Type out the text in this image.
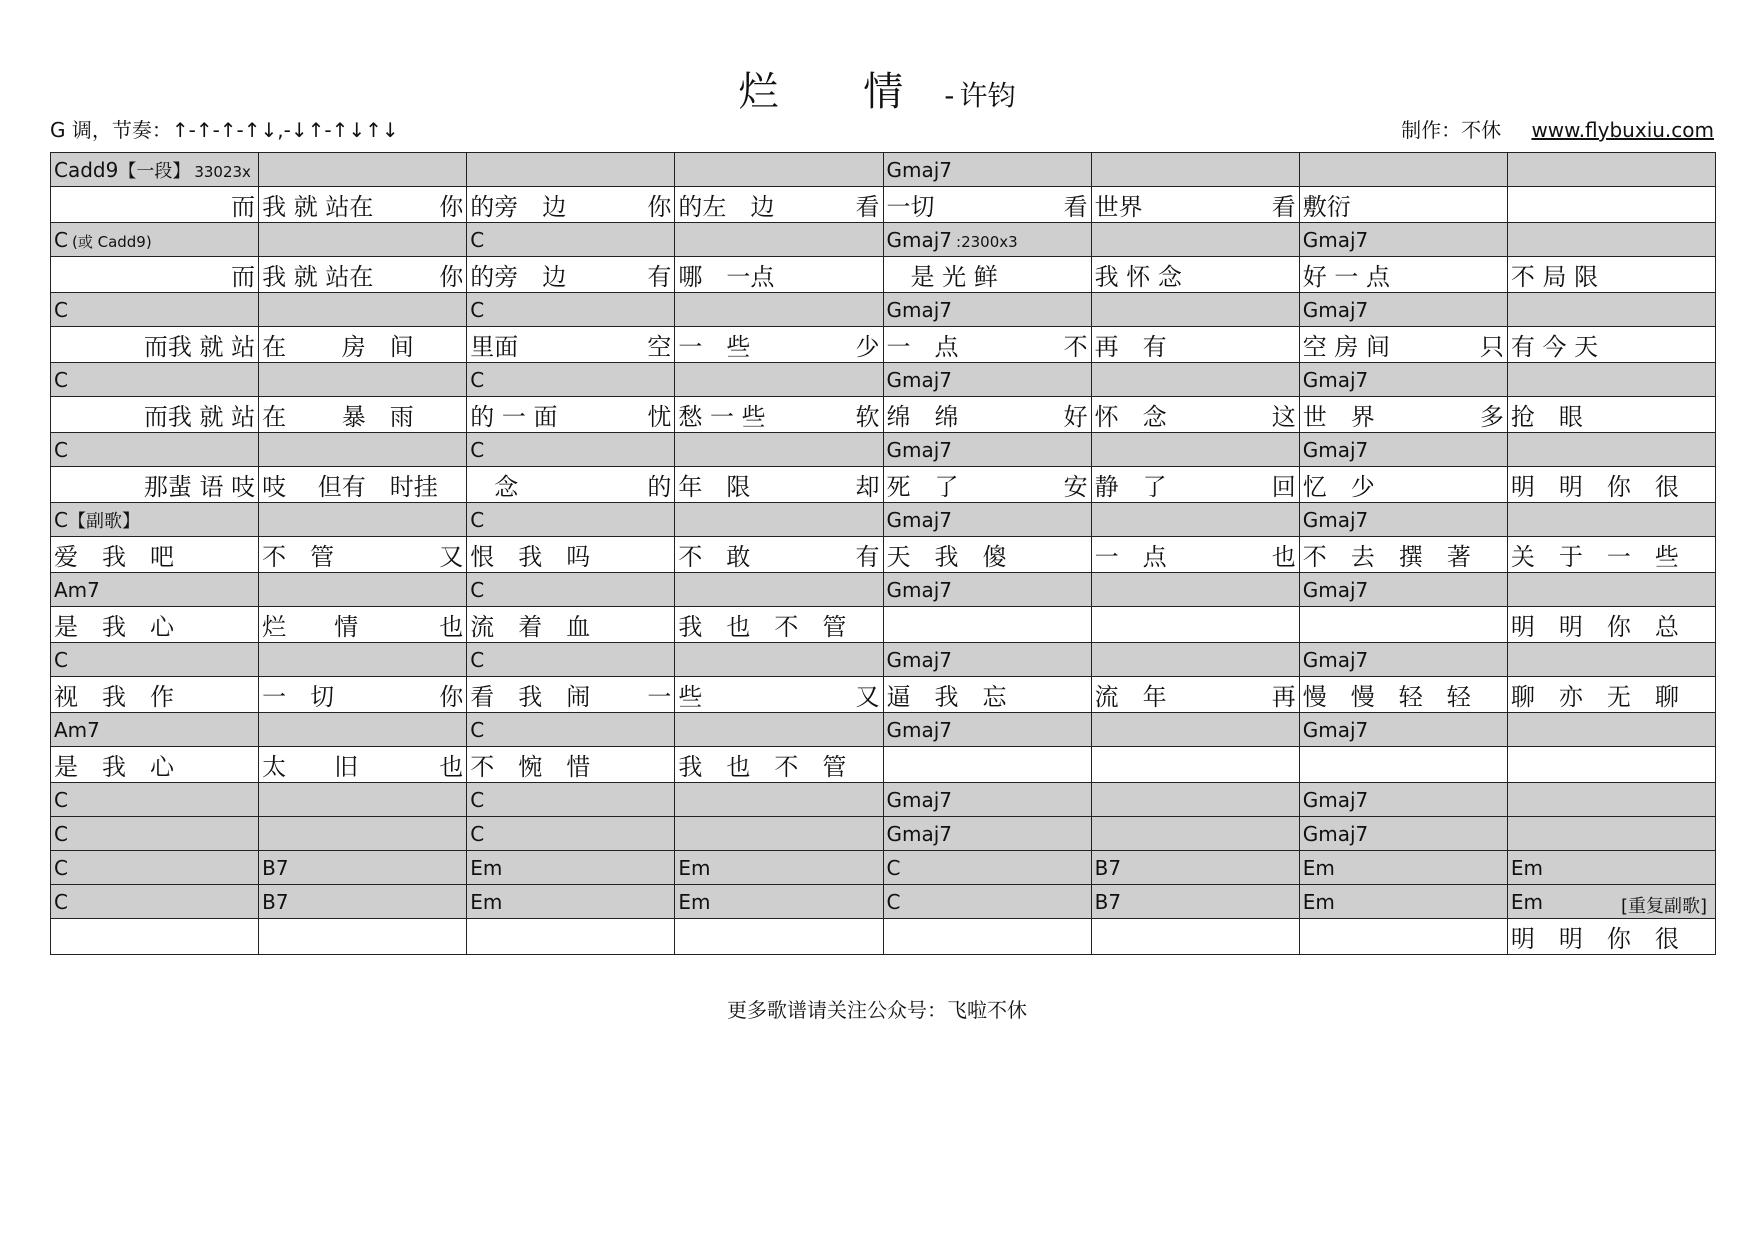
烂 情 - 许钧
G 调，节奏：↑-↑-↑-↑↓,-↓↑-↑↓↑↓	制作：不休 www.flybuxiu.com
Cadd9【一段】 33023x				Gmaj7			

而	我 就 站在 你	的旁　边 你	的左　边 看	一切 看	世界 看	敷衍	

C (或 Cadd9)		C		Gmaj7 :2300x3		Gmaj7	

而	我 就 站在 你	的旁　边 有	哪　一点	　是 光 鲜	我 怀 念	好 一 点	不 局 限

C		C		Gmaj7		Gmaj7	

而我 就 站	在　　 房　间	里面 空	一　些 少	一　点 不	再　有	空 房 间 只	有 今 天

C		C		Gmaj7		Gmaj7	

而我 就 站	在　　 暴　雨	的 一 面 忧	愁 一 些 软	绵　绵 好	怀　念 这	世　界 多	抢　眼

C		C		Gmaj7		Gmaj7	

那蜚 语 吱	吱　 但有　时挂	　念 的	年　限 却	死　了 安	静　了 回	忆　少	明　明　你　很

C【副歌】		C		Gmaj7		Gmaj7	

爱　我　吧	不　管 又	恨　我　吗	不　敢 有	天　我　傻	一　点 也	不　去　撰　著	关　于　一　些

Am7		C		Gmaj7		Gmaj7	

是　我　心	烂　　情 也	流　着　血	我　也　不　管				明　明　你　总

C		C		Gmaj7		Gmaj7	

视　我　作	一　切 你	看　我　闹 一	些 又	逼　我　忘	流　年 再	慢　慢　轻　轻	聊　亦　无　聊

Am7		C		Gmaj7		Gmaj7	

是　我　心	太　　旧 也	不　惋　惜	我　也　不　管				

C		C		Gmaj7		Gmaj7	
C		C		Gmaj7		Gmaj7	
C	B7	Em	Em	C	B7	Em	Em
C	B7	Em	Em	C	B7	Em	Em [重复副歌]

							明　明　你　很
更多歌谱请关注公众号：飞啦不休
